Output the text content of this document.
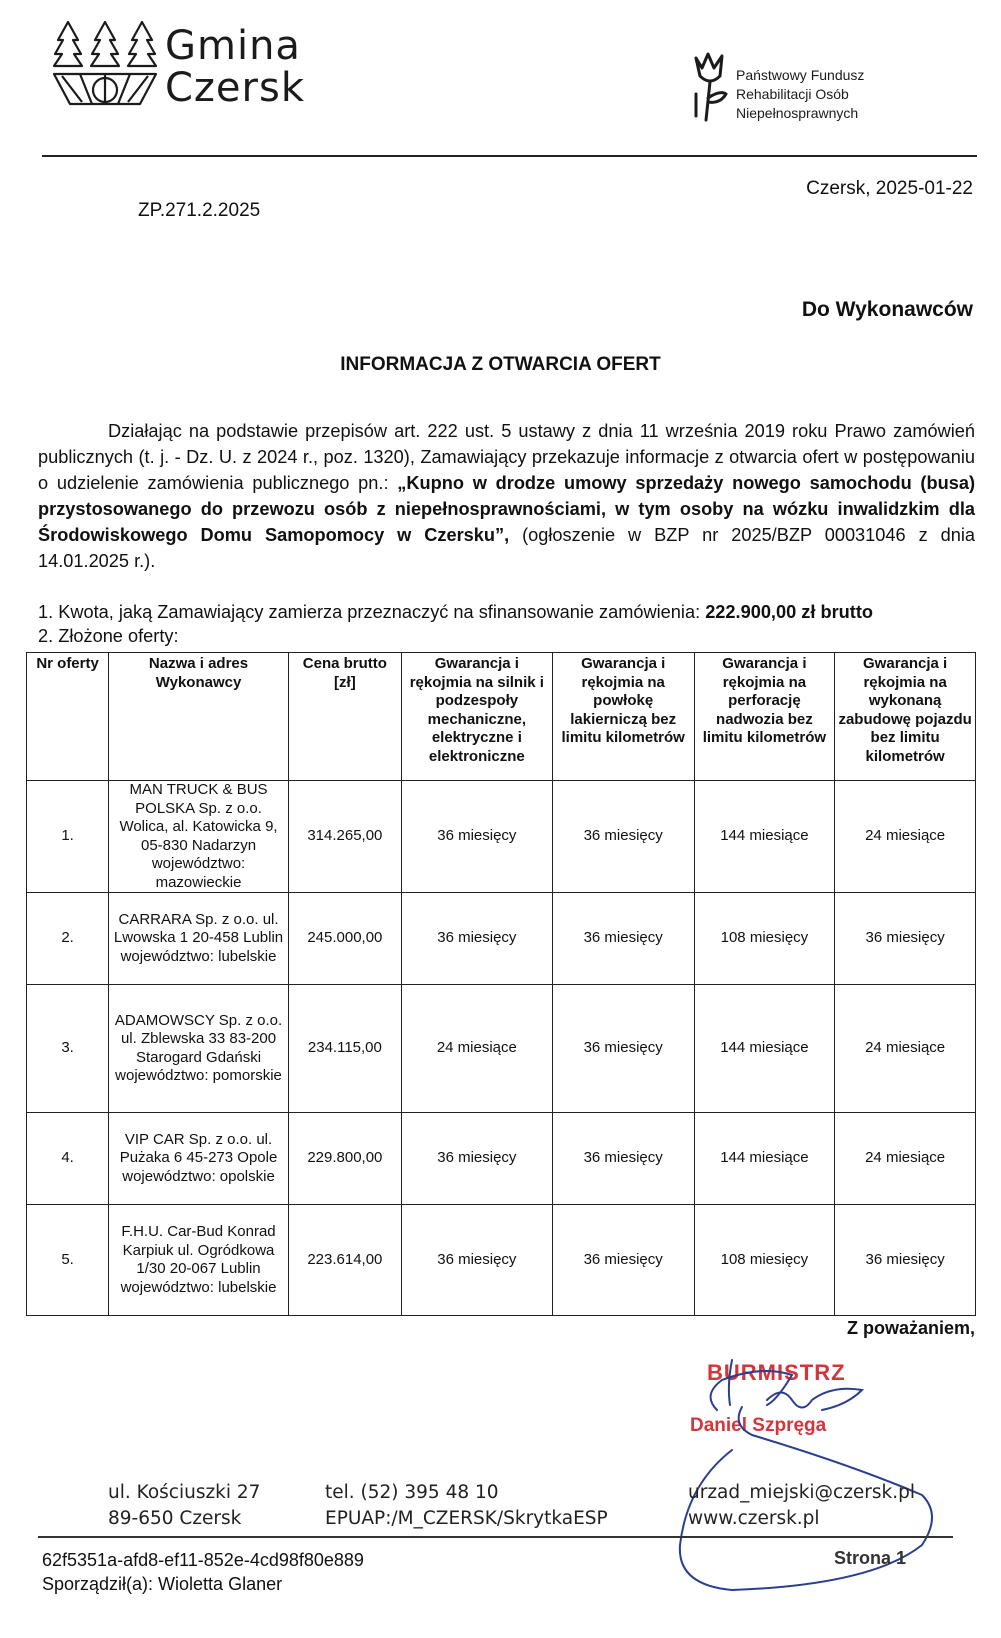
Gmina
Czersk	Państwowy Fundusz
Rehabilitacji Osób
Niepełnosprawnych
ZP.271.2.2025
Czersk, 2025-01-22
Do Wykonawców
INFORMACJA Z OTWARCIA OFERT
Działając na podstawie przepisów art. 222 ust. 5 ustawy z dnia 11 września 2019 roku Prawo zamówień publicznych (t. j. - Dz. U. z 2024 r., poz. 1320), Zamawiający przekazuje informacje z otwarcia ofert w postępowaniu o udzielenie zamówienia publicznego pn.: „Kupno w drodze umowy sprzedaży nowego samochodu (busa) przystosowanego do przewozu osób z niepełnosprawnościami, w tym osoby na wózku inwalidzkim dla Środowiskowego Domu Samopomocy w Czersku”, (ogłoszenie w BZP nr 2025/BZP 00031046 z dnia 14.01.2025 r.).
1. Kwota, jaką Zamawiający zamierza przeznaczyć na sfinansowanie zamówienia: 222.900,00 zł brutto
2. Złożone oferty:
Nr oferty	Nazwa i adres Wykonawcy	Cena brutto [zł]	Gwarancja i rękojmia na silnik i podzespoły mechaniczne, elektryczne i elektroniczne	Gwarancja i rękojmia na powłokę lakierniczą bez limitu kilometrów	Gwarancja i rękojmia na perforację nadwozia bez limitu kilometrów	Gwarancja i rękojmia na wykonaną zabudowę pojazdu bez limitu kilometrów
1.	MAN TRUCK & BUS POLSKA Sp. z o.o. Wolica, al. Katowicka 9, 05-830 Nadarzyn województwo: mazowieckie	314.265,00	36 miesięcy	36 miesięcy	144 miesiące	24 miesiące
2.	CARRARA Sp. z o.o. ul. Lwowska 1 20-458 Lublin województwo: lubelskie	245.000,00	36 miesięcy	36 miesięcy	108 miesięcy	36 miesięcy
3.	ADAMOWSCY Sp. z o.o. ul. Zblewska 33 83-200 Starogard Gdański województwo: pomorskie	234.115,00	24 miesiące	36 miesięcy	144 miesiące	24 miesiące
4.	VIP CAR Sp. z o.o. ul. Pużaka 6 45-273 Opole województwo: opolskie	229.800,00	36 miesięcy	36 miesięcy	144 miesiące	24 miesiące
5.	F.H.U. Car-Bud Konrad Karpiuk ul. Ogródkowa 1/30 20-067 Lublin województwo: lubelskie	223.614,00	36 miesięcy	36 miesięcy	108 miesięcy	36 miesięcy
Z poważaniem,
BURMISTRZ
Daniel Szpręga
ul. Kościuszki 27
89-650 Czersk
tel. (52) 395 48 10
EPUAP:/M_CZERSK/SkrytkaESP
urzad_miejski@czersk.pl
www.czersk.pl
Strona 1
62f5351a-afd8-ef11-852e-4cd98f80e889
Sporządził(a): Wioletta Glaner
